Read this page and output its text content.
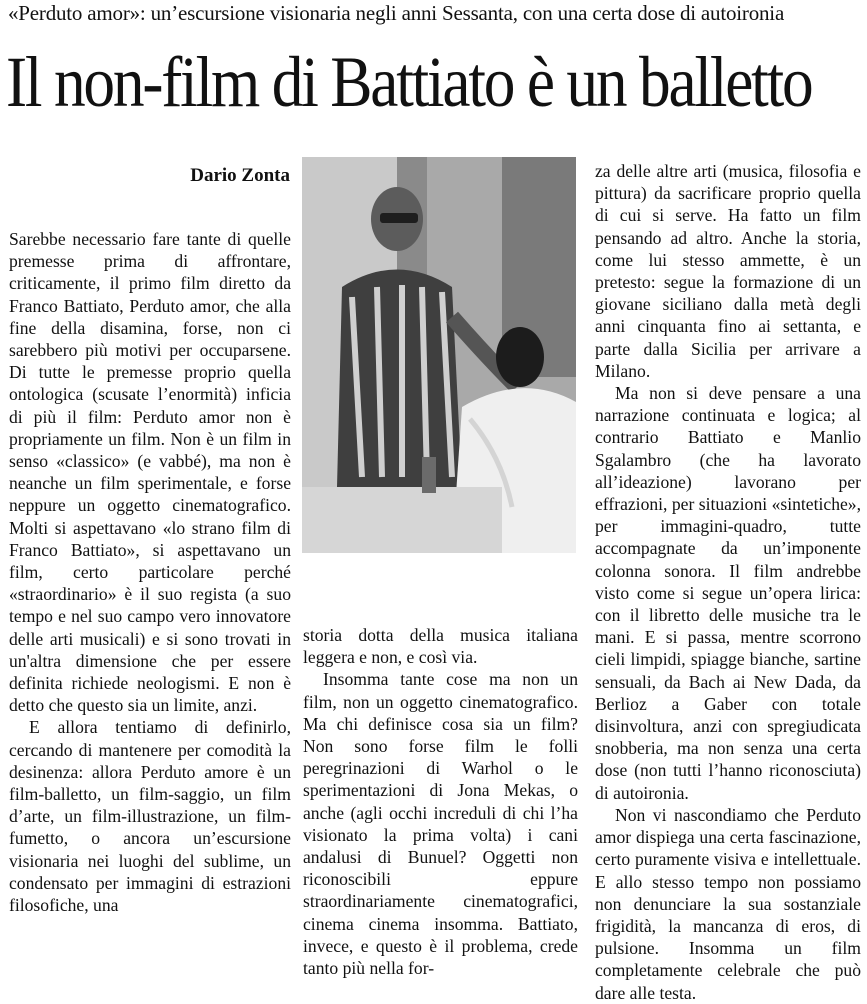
«Perduto amor»: un’escursione visionaria negli anni Sessanta, con una certa dose di autoironia
Il non-film di Battiato è un balletto
Dario Zonta

Sarebbe necessario fare tante di quelle premesse prima di affrontare, criticamente, il primo film diretto da Franco Battiato, Perduto amor, che alla fine della disamina, forse, non ci sarebbero più motivi per occuparsene. Di tutte le premesse proprio quella ontologica (scusate l’enormità) inficia di più il film: Perduto amor non è propriamente un film. Non è un film in senso «classico» (e vabbé), ma non è neanche un film sperimentale, e forse neppure un oggetto cinematografico. Molti si aspettavano «lo strano film di Franco Battiato», si aspettavano un film, certo particolare perché «straordinario» è il suo regista (a suo tempo e nel suo campo vero innovatore delle arti musicali) e si sono trovati in un'altra dimensione che per essere definita richiede neologismi. E non è detto che questo sia un limite, anzi.

E allora tentiamo di definirlo, cercando di mantenere per comodità la desinenza: allora Perduto amore è un film-balletto, un film-saggio, un film d’arte, un film-illustrazione, un film-fumetto, o ancora un’escursione visionaria nei luoghi del sublime, un condensato per immagini di estrazioni filosofiche, una

storia dotta della musica italiana leggera e non, e così via.

Insomma tante cose ma non un film, non un oggetto cinematografico. Ma chi definisce cosa sia un film? Non sono forse film le folli peregrinazioni di Warhol o le sperimentazioni di Jona Mekas, o anche (agli occhi increduli di chi l’ha visionato la prima volta) i cani andalusi di Bunuel? Oggetti non riconoscibili eppure straordinariamente cinematografici, cinema cinema insomma. Battiato, invece, e questo è il problema, crede tanto più nella for-

za delle altre arti (musica, filosofia e pittura) da sacrificare proprio quella di cui si serve. Ha fatto un film pensando ad altro. Anche la storia, come lui stesso ammette, è un pretesto: segue la formazione di un giovane siciliano dalla metà degli anni cinquanta fino ai settanta, e parte dalla Sicilia per arrivare a Milano.

Ma non si deve pensare a una narrazione continuata e logica; al contrario Battiato e Manlio Sgalambro (che ha lavorato all’ideazione) lavorano per effrazioni, per situazioni «sintetiche», per immagini-quadro, tutte accompagnate da un’imponente colonna sonora. Il film andrebbe visto come si segue un’opera lirica: con il libretto delle musiche tra le mani. E si passa, mentre scorrono cieli limpidi, spiagge bianche, sartine sensuali, da Bach ai New Dada, da Berlioz a Gaber con totale disinvoltura, anzi con spregiudicata snobberia, ma non senza una certa dose (non tutti l’hanno riconosciuta) di autoironia.

Non vi nascondiamo che Perduto amor dispiega una certa fascinazione, certo puramente visiva e intellettuale. E allo stesso tempo non possiamo non denunciare la sua sostanziale frigidità, la mancanza di eros, di pulsione. Insomma un film completamente celebrale che può dare alle testa.
